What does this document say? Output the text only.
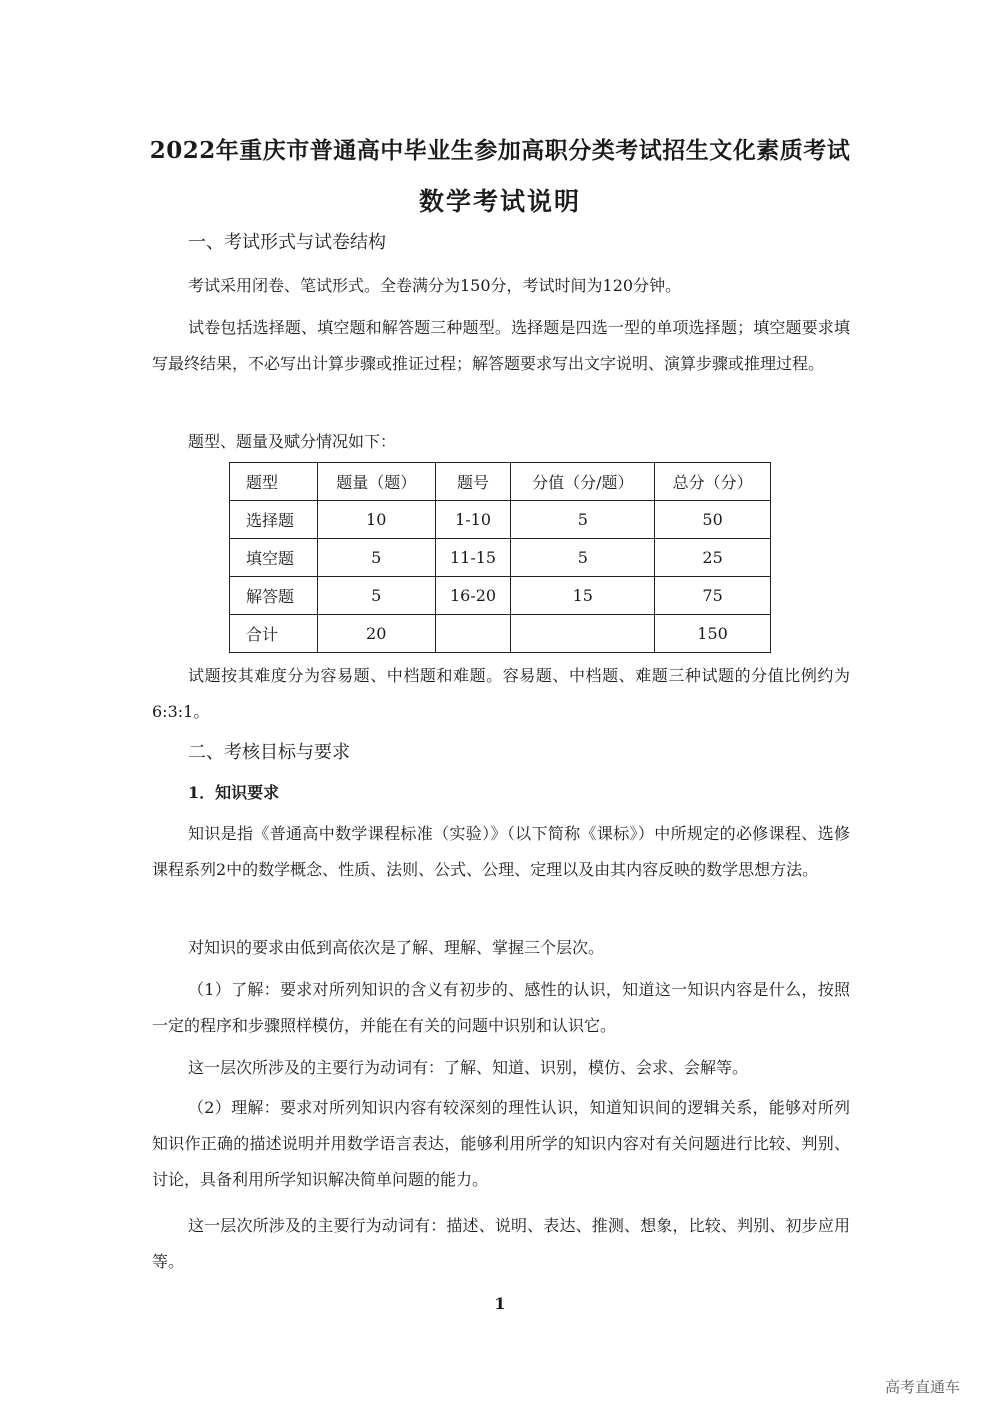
2022年重庆市普通高中毕业生参加高职分类考试招生文化素质考试
数学考试说明

一、考试形式与试卷结构

考试采用闭卷、笔试形式。全卷满分为150分，考试时间为120分钟。

试卷包括选择题、填空题和解答题三种题型。选择题是四选一型的单项选择题；填空题要求填写最终结果，不必写出计算步骤或推证过程；解答题要求写出文字说明、演算步骤或推理过程。

题型、题量及赋分情况如下：

题型	题量（题）	题号	分值（分/题）	总分（分）
选择题	10	1-10	5	50
填空题	5	11-15	5	25
解答题	5	16-20	15	75
合计	20			150

试题按其难度分为容易题、中档题和难题。容易题、中档题、难题三种试题的分值比例约为6:3:1。

二、考核目标与要求

1．知识要求

知识是指《普通高中数学课程标准（实验）》（以下简称《课标》）中所规定的必修课程、选修课程系列2中的数学概念、性质、法则、公式、公理、定理以及由其内容反映的数学思想方法。

对知识的要求由低到高依次是了解、理解、掌握三个层次。

（1）了解：要求对所列知识的含义有初步的、感性的认识，知道这一知识内容是什么，按照一定的程序和步骤照样模仿，并能在有关的问题中识别和认识它。

这一层次所涉及的主要行为动词有：了解、知道、识别，模仿、会求、会解等。

（2）理解：要求对所列知识内容有较深刻的理性认识，知道知识间的逻辑关系，能够对所列知识作正确的描述说明并用数学语言表达，能够利用所学的知识内容对有关问题进行比较、判别、讨论，具备利用所学知识解决简单问题的能力。

这一层次所涉及的主要行为动词有：描述、说明、表达、推测、想象，比较、判别、初步应用等。

1
高考直通车
